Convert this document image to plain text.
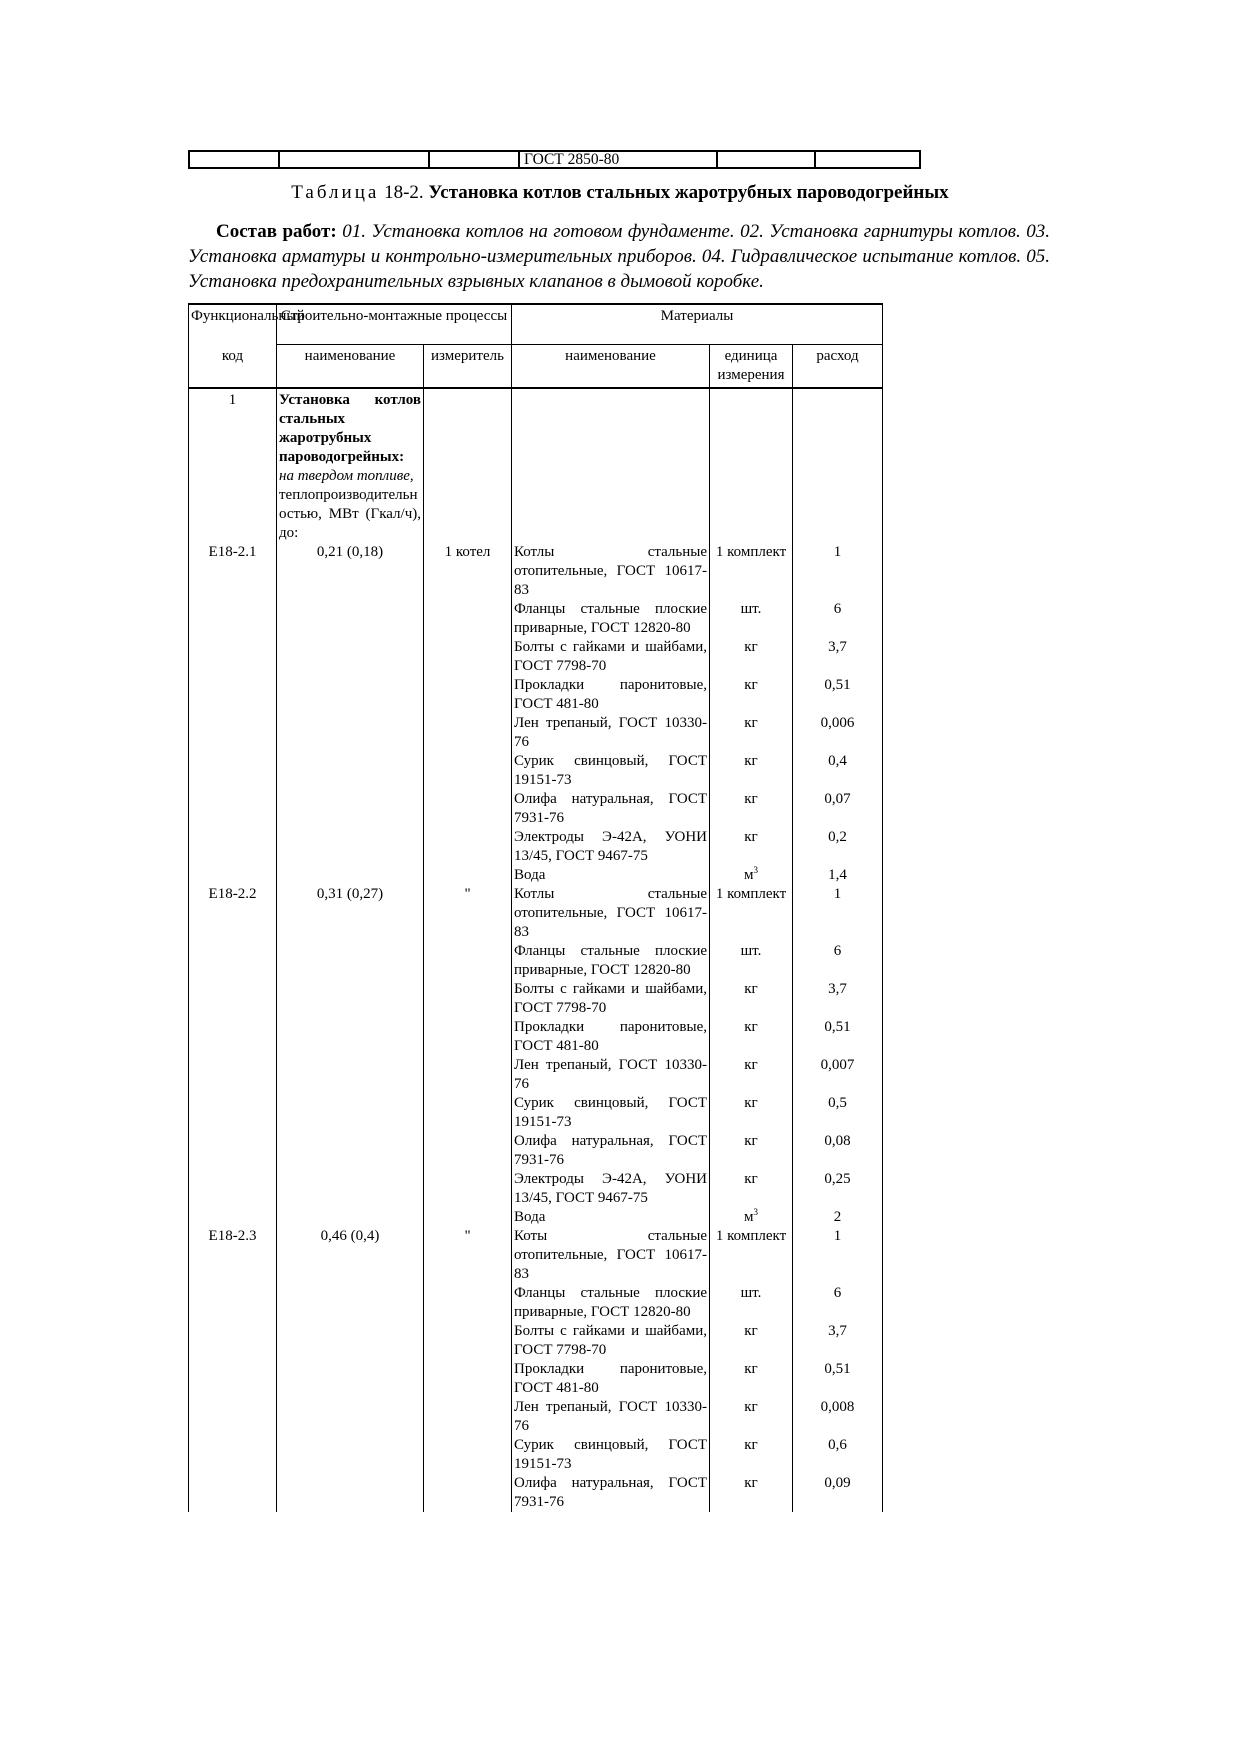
			ГОСТ 2850-80		
Таблица 18-2. Установка котлов стальных жаротрубных пароводогрейных

Состав работ: 01. Установка котлов на готовом фундаменте. 02. Установка гарнитуры котлов. 03. Установка арматуры и контрольно-измерительных приборов. 04. Гидравлическое испытание котлов. 05. Установка предохранительных взрывных клапанов в дымовой коробке.

Функциональный	Строительно-монтажные процессы		Материалы		
код	наименование	измеритель	наименование	единица измерения	расход
1	Установка котлов стальных жаротрубных пароводогрейных:
на твердом топливе,
теплопроизводительностью, МВт (Гкал/ч), до:				

Е18-2.1	0,21 (0,18)	1 котел	Котлы стальные отопительные, ГОСТ 10617-83	1 комплект	1
			Фланцы стальные плоские приварные, ГОСТ 12820-80	шт.	6
			Болты с гайками и шайбами, ГОСТ 7798-70	кг	3,7
			Прокладки паронитовые, ГОСТ 481-80	кг	0,51
			Лен трепаный, ГОСТ 10330-76	кг	0,006
			Сурик свинцовый, ГОСТ 19151-73	кг	0,4
			Олифа натуральная, ГОСТ 7931-76	кг	0,07
			Электроды Э-42А, УОНИ 13/45, ГОСТ 9467-75	кг	0,2
			Вода	$м^3$	1,4
Е18-2.2	0,31 (0,27)	"	Котлы стальные отопительные, ГОСТ 10617-83	1 комплект	1
			Фланцы стальные плоские приварные, ГОСТ 12820-80	шт.	6
			Болты с гайками и шайбами, ГОСТ 7798-70	кг	3,7
			Прокладки паронитовые, ГОСТ 481-80	кг	0,51
			Лен трепаный, ГОСТ 10330-76	кг	0,007
			Сурик свинцовый, ГОСТ 19151-73	кг	0,5
			Олифа натуральная, ГОСТ 7931-76	кг	0,08
			Электроды Э-42А, УОНИ 13/45, ГОСТ 9467-75	кг	0,25
			Вода	$м^3$	2
Е18-2.3	0,46 (0,4)	"	Коты стальные отопительные, ГОСТ 10617-83	1 комплект	1
			Фланцы стальные плоские приварные, ГОСТ 12820-80	шт.	6
			Болты с гайками и шайбами, ГОСТ 7798-70	кг	3,7
			Прокладки паронитовые, ГОСТ 481-80	кг	0,51
			Лен трепаный, ГОСТ 10330-76	кг	0,008
			Сурик свинцовый, ГОСТ 19151-73	кг	0,6
			Олифа натуральная, ГОСТ 7931-76	кг	0,09
